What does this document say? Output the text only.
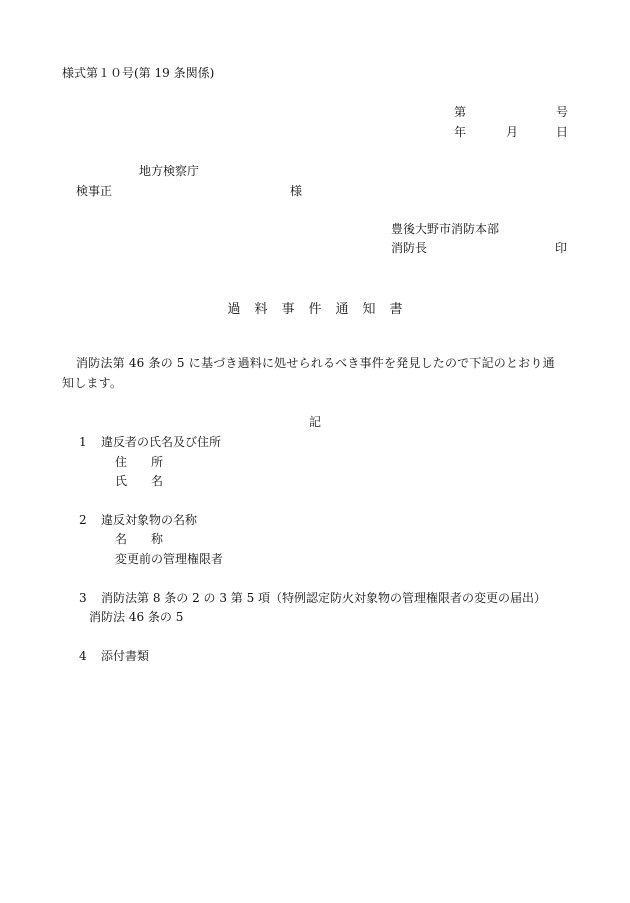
様式第１０号(第 19 条関係)
第	号
年	月	日
地方検察庁
検事正	様
豊後大野市消防本部
消防長	印
過 料 事 件 通 知 書
消防法第 46 条の 5 に基づき過料に処せられるべき事件を発見したので下記のとおり通
知します。
記
1 違反者の氏名及び住所
住　　所
氏　　名
2 違反対象物の名称
名　　称
変更前の管理権限者
3 消防法第 8 条の 2 の 3 第 5 項（特例認定防火対象物の管理権限者の変更の届出）
消防法 46 条の 5
4 添付書類
